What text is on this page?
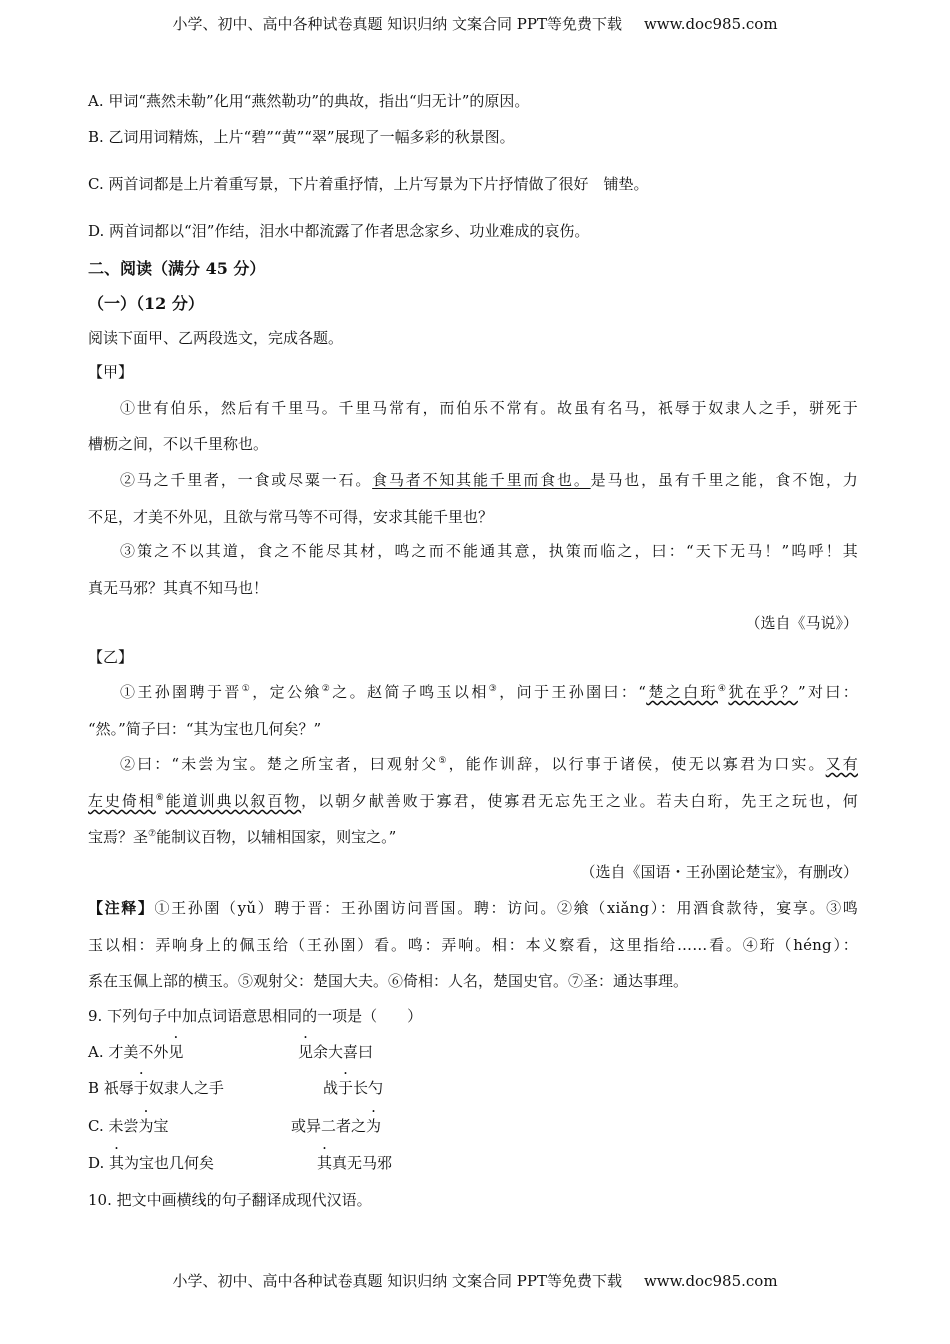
小学、初中、高中各种试卷真题 知识归纳 文案合同 PPT等免费下载 www.doc985.com
A. 甲词“燕然未勒”化用“燕然勒功”的典故，指出“归无计”的原因。
B. 乙词用词精炼，上片“碧”“黄”“翠”展现了一幅多彩的秋景图。
C. 两首词都是上片着重写景，下片着重抒情，上片写景为下片抒情做了很好　铺垫。
D. 两首词都以“泪”作结，泪水中都流露了作者思念家乡、功业难成的哀伤。
二、阅读（满分 45 分）
（一）（12 分）
阅读下面甲、乙两段选文，完成各题。
【甲】
①世有伯乐，然后有千里马。千里马常有，而伯乐不常有。故虽有名马，祇辱于奴隶人之手，骈死于
槽枥之间，不以千里称也。
②马之千里者，一食或尽粟一石。食马者不知其能千里而食也。是马也，虽有千里之能，食不饱，力
不足，才美不外见，且欲与常马等不可得，安求其能千里也？
③策之不以其道，食之不能尽其材，鸣之而不能通其意，执策而临之，曰：“天下无马！”呜呼！其
真无马邪？其真不知马也！
（选自《马说》）
【乙】
①王孙圉聘于晋①，定公飨②之。赵简子鸣玉以相③，问于王孙圉曰：“楚之白珩④犹在乎？”对曰：
“然。”简子曰：“其为宝也几何矣？”
②曰：“未尝为宝。楚之所宝者，曰观射父⑤，能作训辞，以行事于诸侯，使无以寡君为口实。又有
左史倚相⑥能道训典以叙百物，以朝夕献善败于寡君，使寡君无忘先王之业。若夫白珩，先王之玩也，何
宝焉？圣⑦能制议百物，以辅相国家，则宝之。”
（选自《国语・王孙圉论楚宝》，有删改）
【注释】①王孙圉（yǔ）聘于晋：王孙圉访问晋国。聘：访问。②飨（xiǎng）：用酒食款待，宴享。③鸣
玉以相：弄响身上的佩玉给（王孙圉）看。鸣：弄响。相：本义察看，这里指给……看。④珩（héng）：
系在玉佩上部的横玉。⑤观射父：楚国大夫。⑥倚相：人名，楚国史官。⑦圣：通达事理。
9. 下列句子中加点词语意思相同的一项是（　　）
A. 才美不外见	见余大喜曰
B 祇辱于奴隶人之手	战于长勺
C. 未尝为宝	或异二者之为
D. 其为宝也几何矣	其真无马邪
10. 把文中画横线的句子翻译成现代汉语。
小学、初中、高中各种试卷真题 知识归纳 文案合同 PPT等免费下载 www.doc985.com
